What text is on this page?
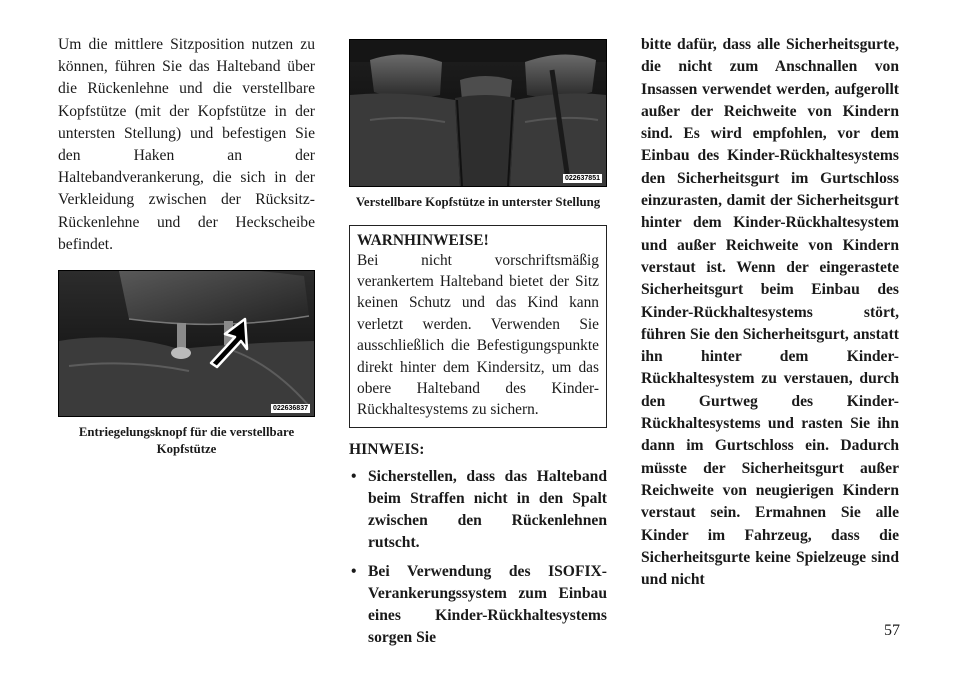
Um die mittlere Sitzposition nutzen zu können, führen Sie das Halteband über die Rückenlehne und die verstellbare Kopfstütze (mit der Kopfstütze in der untersten Stellung) und befestigen Sie den Haken an der Haltebandverankerung, die sich in der Verkleidung zwischen der Rücksitz-Rückenlehne und der Heckscheibe befindet.

022636837
Entriegelungsknopf für die verstellbare Kopfstütze
022637851
Verstellbare Kopfstütze in unterster Stellung
WARNHINWEISE!
Bei nicht vorschriftsmäßig verankertem Halteband bietet der Sitz keinen Schutz und das Kind kann verletzt werden. Verwenden Sie ausschließlich die Befestigungspunkte direkt hinter dem Kindersitz, um das obere Halteband des Kinder-Rückhaltesystems zu sichern.
HINWEIS:
• Sicherstellen, dass das Halteband beim Straffen nicht in den Spalt zwischen den Rückenlehnen rutscht.
• Bei Verwendung des ISOFIX-Verankerungssystem zum Einbau eines Kinder-Rückhaltesystems sorgen Sie

bitte dafür, dass alle Sicherheitsgurte, die nicht zum Anschnallen von Insassen verwendet werden, aufgerollt außer der Reichweite von Kindern sind. Es wird empfohlen, vor dem Einbau des Kinder-Rückhaltesystems den Sicherheitsgurt im Gurtschloss einzurasten, damit der Sicherheitsgurt hinter dem Kinder-Rückhaltesystem und außer Reichweite von Kindern verstaut ist. Wenn der eingerastete Sicherheitsgurt beim Einbau des Kinder-Rückhaltesystems stört, führen Sie den Sicherheitsgurt, anstatt ihn hinter dem Kinder-Rückhaltesystem zu verstauen, durch den Gurtweg des Kinder-Rückhaltesystems und rasten Sie ihn dann im Gurtschloss ein. Dadurch müsste der Sicherheitsgurt außer Reichweite von neugierigen Kindern verstaut sein. Ermahnen Sie alle Kinder im Fahrzeug, dass die Sicherheitsgurte keine Spielzeuge sind und nicht

57
